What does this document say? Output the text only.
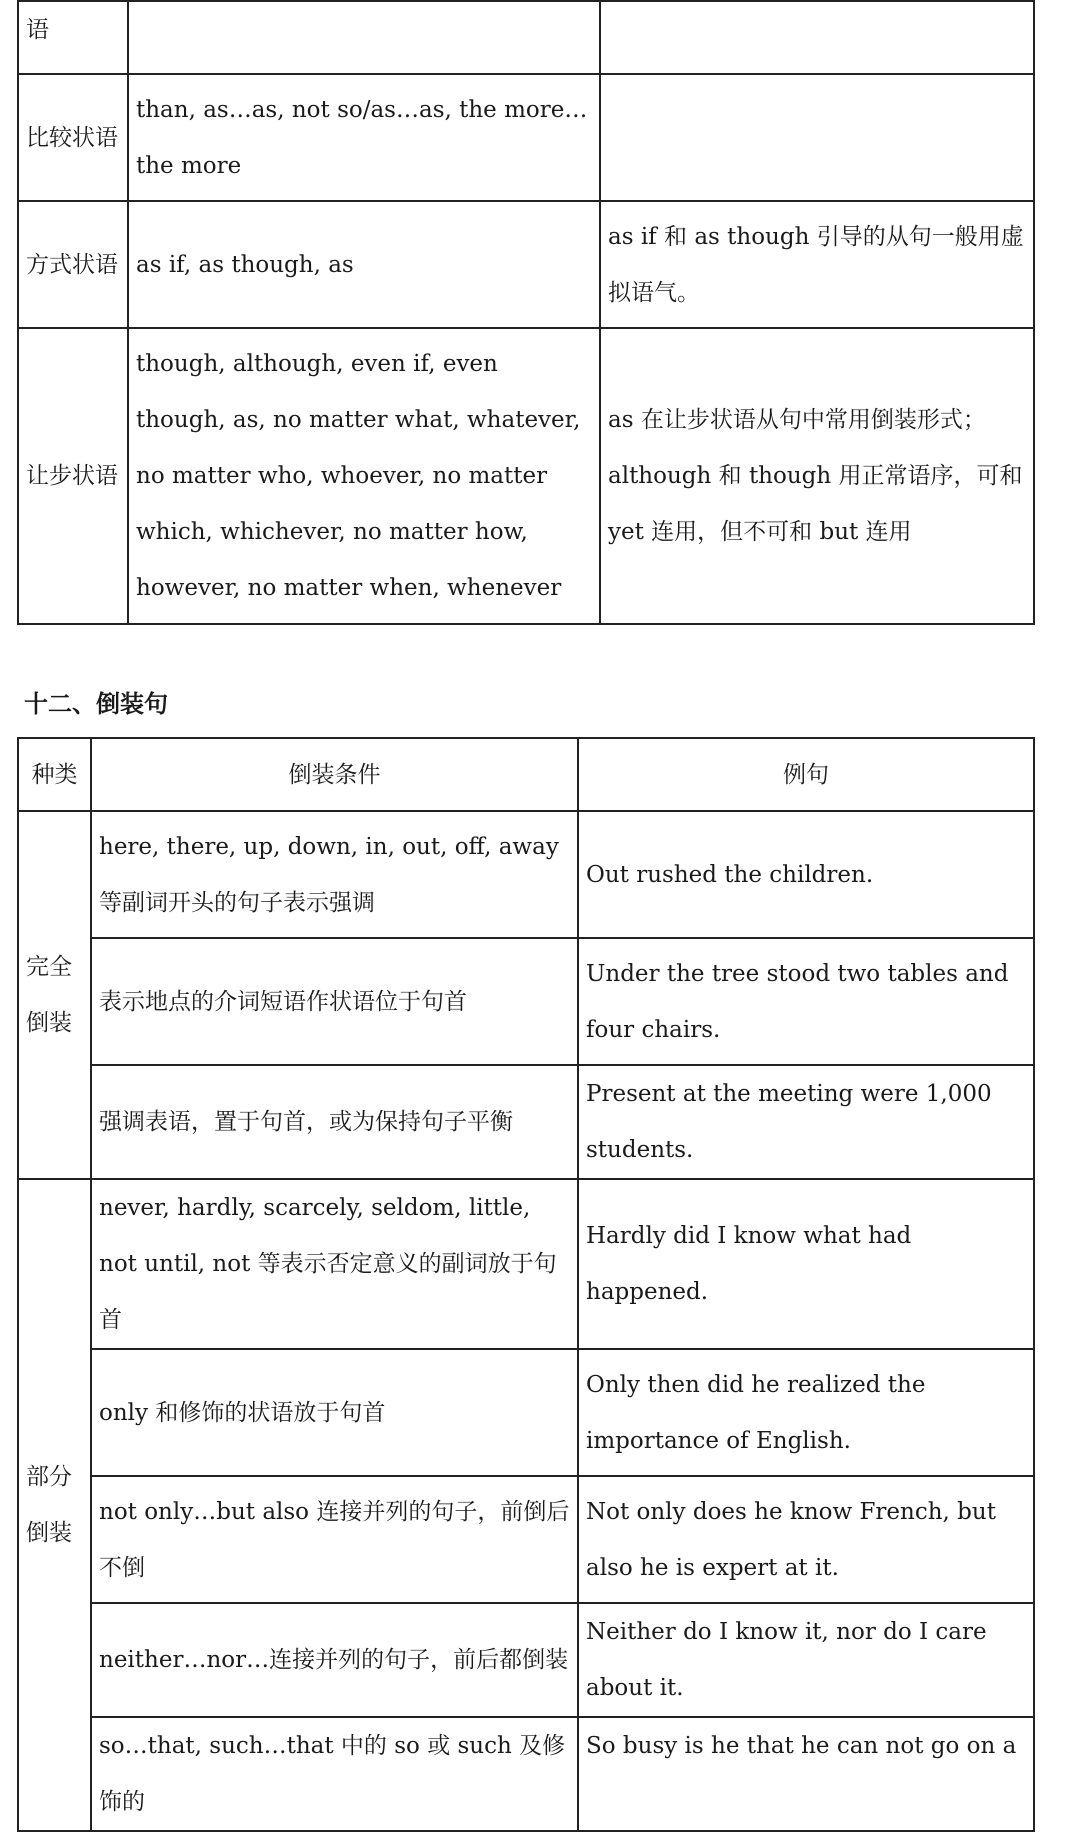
语		
比较状语	than, as…as, not so/as…as, the more…the more	
方式状语	as if, as though, as	as if 和 as though 引导的从句一般用虚拟语气。
让步状语	though, although, even if, even though, as, no matter what, whatever, no matter who, whoever, no matter which, whichever, no matter how, however, no matter when, whenever	as 在让步状语从句中常用倒装形式；although 和 though 用正常语序，可和 yet 连用，但不可和 but 连用
十二、倒装句
种类	倒装条件	例句
完全倒装	here, there, up, down, in, out, off, away 等副词开头的句子表示强调	Out rushed the children.
	表示地点的介词短语作状语位于句首	Under the tree stood two tables and four chairs.
	强调表语，置于句首，或为保持句子平衡	Present at the meeting were 1,000 students.
部分倒装	never, hardly, scarcely, seldom, little, not until, not 等表示否定意义的副词放于句首	Hardly did I know what had happened.
	only 和修饰的状语放于句首	Only then did he realized the importance of English.
	not only…but also 连接并列的句子，前倒后不倒	Not only does he know French, but also he is expert at it.
	neither…nor…连接并列的句子，前后都倒装	Neither do I know it, nor do I care about it.
	so…that, such…that 中的 so 或 such 及修饰的	So busy is he that he can not go on a
